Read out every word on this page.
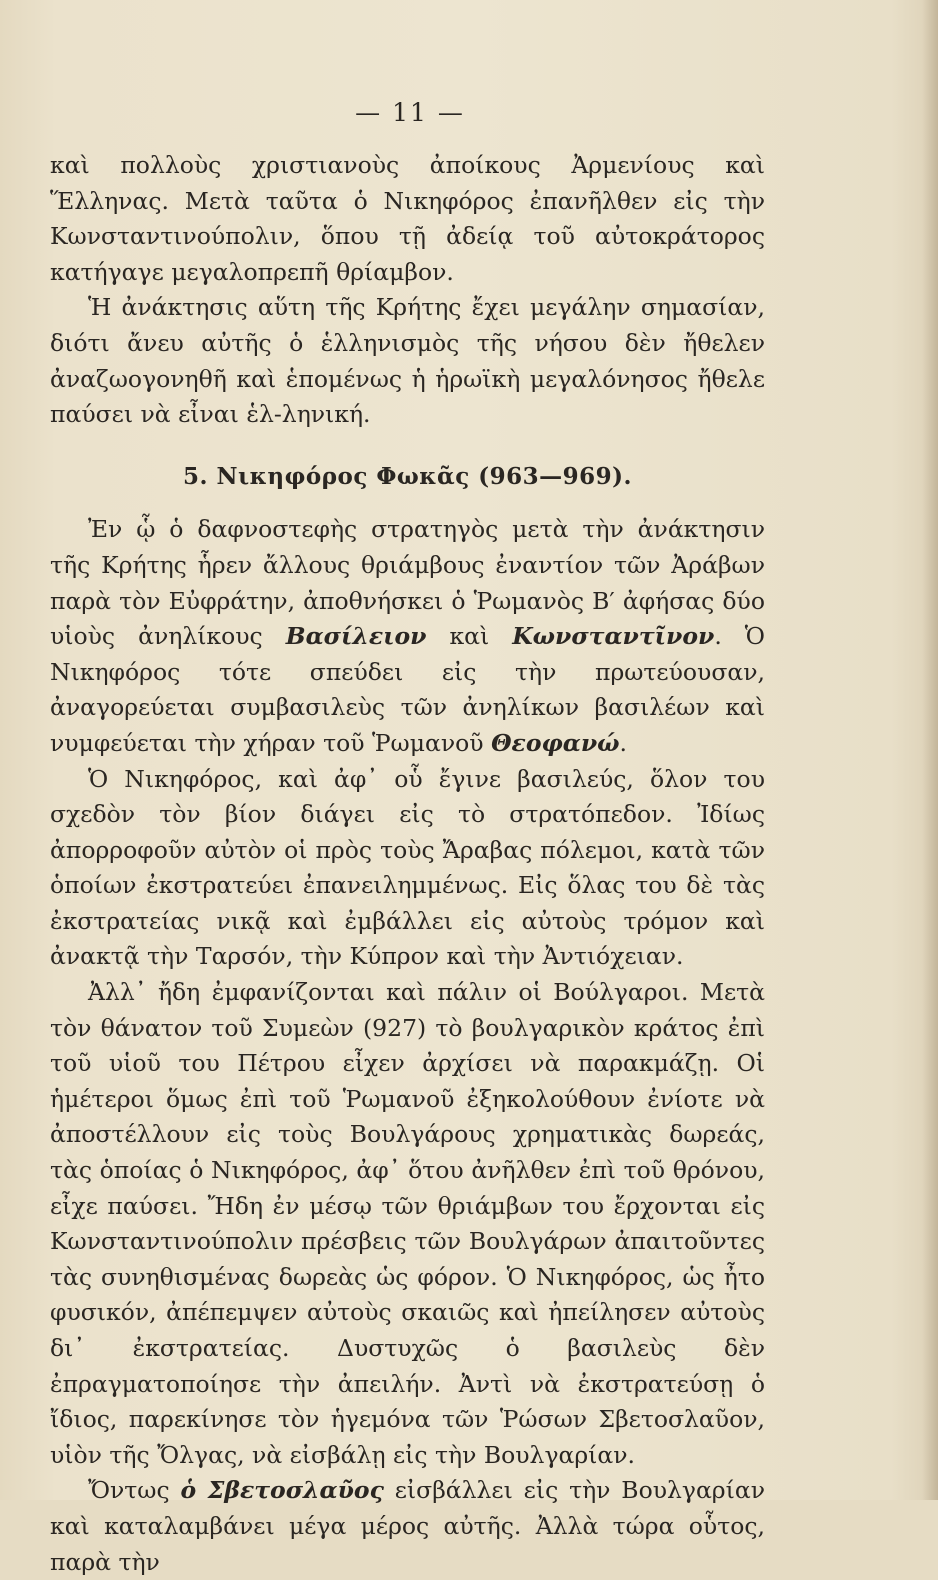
— 11 —

καὶ πολλοὺς χριστιανοὺς ἀποίκους Ἀρμενίους καὶ Ἕλληνας. Μετὰ ταῦτα ὁ Νικηφόρος ἐπανῆλθεν εἰς τὴν Κωνσταντινούπολιν, ὅπου τῇ ἀδείᾳ τοῦ αὐτοκράτορος κατήγαγε μεγαλοπρεπῆ θρίαμβον.

Ἡ ἀνάκτησις αὕτη τῆς Κρήτης ἔχει μεγάλην σημασίαν, διότι ἄνευ αὐτῆς ὁ ἑλληνισμὸς τῆς νήσου δὲν ἤθελεν ἀναζωογονηθῆ καὶ ἑπομένως ἡ ἡρωϊκὴ μεγαλόνησος ἤθελε παύσει νὰ εἶναι ἑλ-ληνική.

5. Νικηφόρος Φωκᾶς (963—969).

Ἐν ᾧ ὁ δαφνοστεφὴς στρατηγὸς μετὰ τὴν ἀνάκτησιν τῆς Κρήτης ἧρεν ἄλλους θριάμβους ἐναντίον τῶν Ἀράβων παρὰ τὸν Εὐφράτην, ἀποθνήσκει ὁ Ῥωμανὸς Β′ ἀφήσας δύο υἱοὺς ἀνηλίκους Βασίλειον καὶ Κωνσταντῖνον. Ὁ Νικηφόρος τότε σπεύδει εἰς τὴν πρωτεύουσαν, ἀναγορεύεται συμβασιλεὺς τῶν ἀνηλίκων βασιλέων καὶ νυμφεύεται τὴν χήραν τοῦ Ῥωμανοῦ Θεοφανώ.

Ὁ Νικηφόρος, καὶ ἀφ᾽ οὗ ἔγινε βασιλεύς, ὅλον του σχεδὸν τὸν βίον διάγει εἰς τὸ στρατόπεδον. Ἰδίως ἀπορροφοῦν αὐτὸν οἱ πρὸς τοὺς Ἄραβας πόλεμοι, κατὰ τῶν ὁποίων ἐκστρατεύει ἐπανειλημμένως. Εἰς ὅλας του δὲ τὰς ἐκστρατείας νικᾷ καὶ ἐμβάλλει εἰς αὐτοὺς τρόμον καὶ ἀνακτᾷ τὴν Ταρσόν, τὴν Κύπρον καὶ τὴν Ἀντιόχειαν.

Ἀλλ᾽ ἤδη ἐμφανίζονται καὶ πάλιν οἱ Βούλγαροι. Μετὰ τὸν θάνατον τοῦ Συμεὼν (927) τὸ βουλγαρικὸν κράτος ἐπὶ τοῦ υἱοῦ του Πέτρου εἶχεν ἀρχίσει νὰ παρακμάζῃ. Οἱ ἡμέτεροι ὅμως ἐπὶ τοῦ Ῥωμανοῦ ἐξηκολούθουν ἐνίοτε νὰ ἀποστέλλουν εἰς τοὺς Βουλγάρους χρηματικὰς δωρεάς, τὰς ὁποίας ὁ Νικηφόρος, ἀφ᾽ ὅτου ἀνῆλθεν ἐπὶ τοῦ θρόνου, εἶχε παύσει. Ἤδη ἐν μέσῳ τῶν θριάμβων του ἔρχονται εἰς Κωνσταντινούπολιν πρέσβεις τῶν Βουλγάρων ἀπαιτοῦντες τὰς συνηθισμένας δωρεὰς ὡς φόρον. Ὁ Νικηφόρος, ὡς ἦτο φυσικόν, ἀπέπεμψεν αὐτοὺς σκαιῶς καὶ ἠπείλησεν αὐτοὺς δι᾽ ἐκστρατείας. Δυστυχῶς ὁ βασιλεὺς δὲν ἐπραγματοποίησε τὴν ἀπειλήν. Ἀντὶ νὰ ἐκστρατεύσῃ ὁ ἴδιος, παρεκίνησε τὸν ἡγεμόνα τῶν Ῥώσων Σβετοσλαῦον, υἱὸν τῆς Ὄλγας, νὰ εἰσβάλῃ εἰς τὴν Βουλγαρίαν.

Ὄντως ὁ Σβετοσλαῦος εἰσβάλλει εἰς τὴν Βουλγαρίαν καὶ καταλαμβάνει μέγα μέρος αὐτῆς. Ἀλλὰ τώρα οὗτος, παρὰ τὴν
